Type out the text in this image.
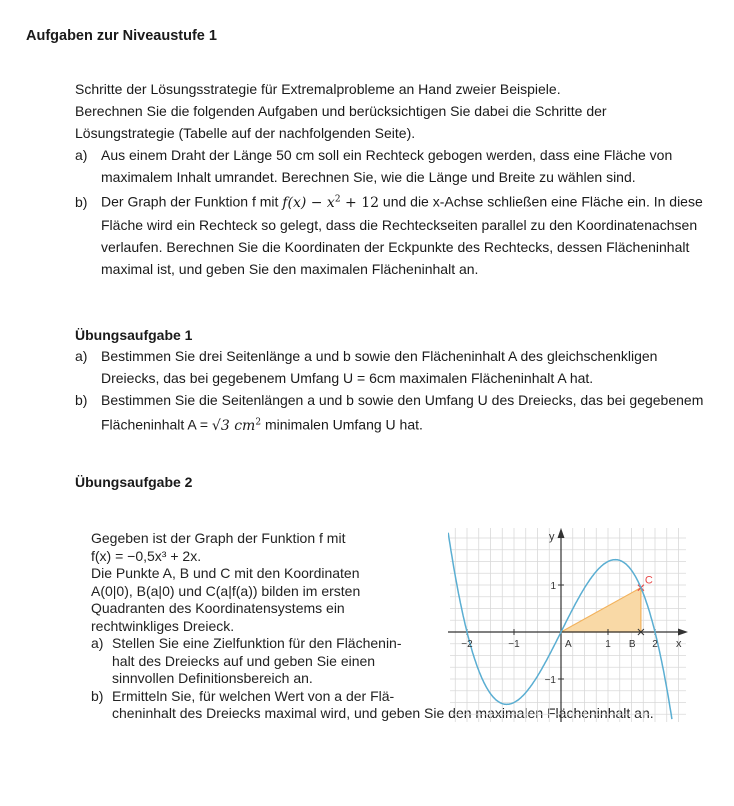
Aufgaben zur Niveaustufe 1
Schritte der Lösungsstrategie für Extremalprobleme an Hand zweier Beispiele.
Berechnen Sie die folgenden Aufgaben und berücksichtigen Sie dabei die Schritte der
Lösungstrategie (Tabelle auf der nachfolgenden Seite).
a) Aus einem Draht der Länge 50 cm soll ein Rechteck gebogen werden, dass eine Fläche von
maximalem Inhalt umrandet. Berechnen Sie, wie die Länge und Breite zu wählen sind.
b) Der Graph der Funktion f mit $f(x) - x^2 + 12$ und die x-Achse schließen eine Fläche ein. In diese
Fläche wird ein Rechteck so gelegt, dass die Rechteckseiten parallel zu den Koordinatenachsen
verlaufen. Berechnen Sie die Koordinaten der Eckpunkte des Rechtecks, dessen Flächeninhalt
maximal ist, und geben Sie den maximalen Flächeninhalt an.
Übungsaufgabe 1
a) Bestimmen Sie drei Seitenlänge a und b sowie den Flächeninhalt A des gleichschenkligen
Dreiecks, das bei gegebenem Umfang U = 6cm maximalen Flächeninhalt A hat.
b) Bestimmen Sie die Seitenlängen a und b sowie den Umfang U des Dreiecks, das bei gegebenem
Flächeninhalt A = √3 $cm^2$ minimalen Umfang U hat.
Übungsaufgabe 2
Gegeben ist der Graph der Funktion f mit
f(x) = −0,5x³ + 2x.
Die Punkte A, B und C mit den Koordinaten
A(0|0), B(a|0) und C(a|f(a)) bilden im ersten
Quadranten des Koordinatensystems ein
rechtwinkliges Dreieck.
a) Stellen Sie eine Zielfunktion für den Flächenin-
halt des Dreiecks auf und geben Sie einen
sinnvollen Definitionsbereich an.
b) Ermitteln Sie, für welchen Wert von a der Flä-
cheninhalt des Dreiecks maximal wird, und geben Sie den maximalen Flächeninhalt an.
−2	−1	1	2
1
−1
x
y
A	B
C
